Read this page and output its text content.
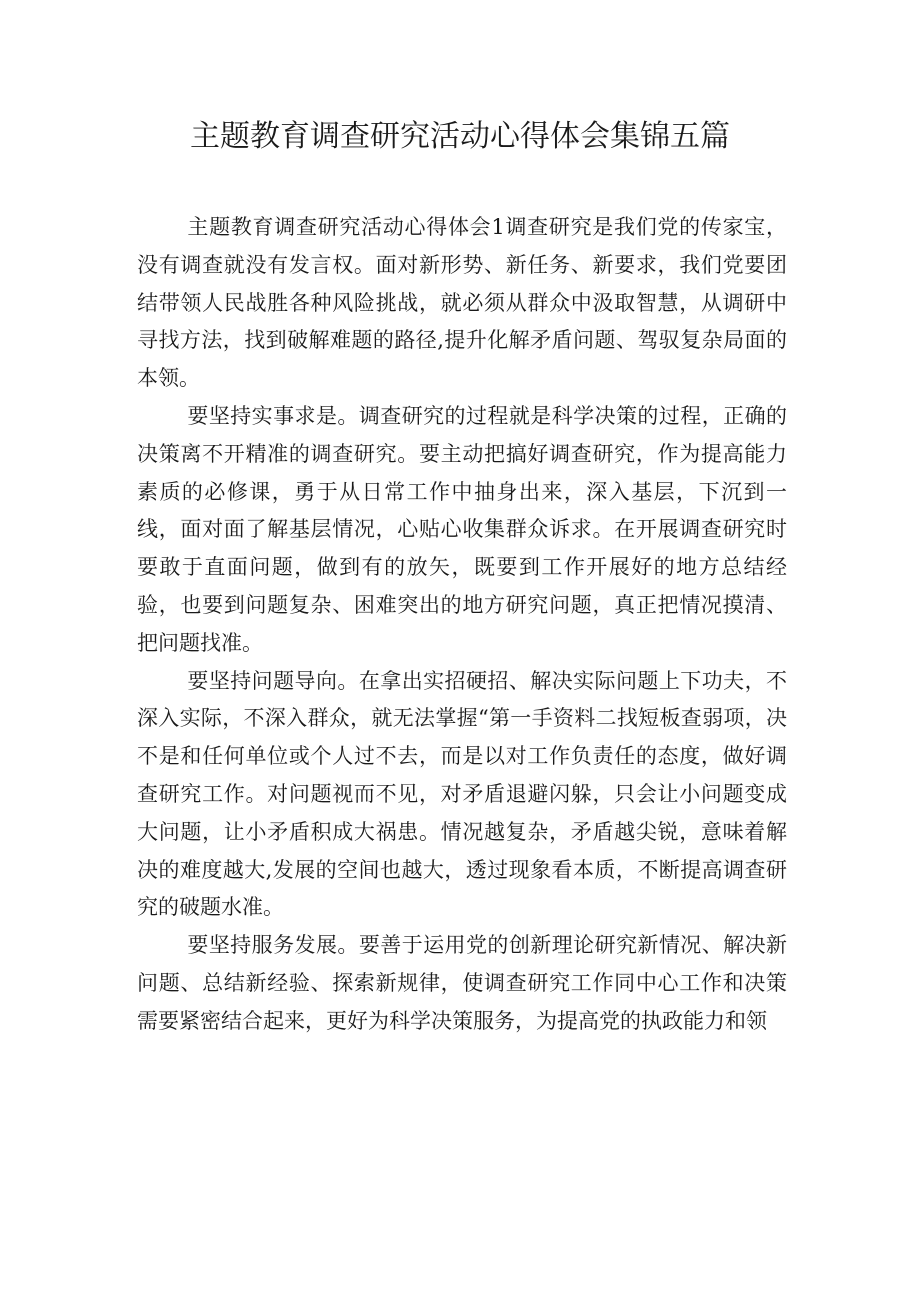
主题教育调查研究活动心得体会集锦五篇

主题教育调查研究活动心得体会1调查研究是我们党的传家宝，没有调查就没有发言权。面对新形势、新任务、新要求，我们党要团结带领人民战胜各种风险挑战，就必须从群众中汲取智慧，从调研中寻找方法，找到破解难题的路径,提升化解矛盾问题、驾驭复杂局面的本领。

要坚持实事求是。调查研究的过程就是科学决策的过程，正确的决策离不开精准的调查研究。要主动把搞好调查研究，作为提高能力素质的必修课，勇于从日常工作中抽身出来，深入基层，下沉到一线，面对面了解基层情况，心贴心收集群众诉求。在开展调查研究时要敢于直面问题，做到有的放矢，既要到工作开展好的地方总结经验，也要到问题复杂、困难突出的地方研究问题，真正把情况摸清、把问题找准。

要坚持问题导向。在拿出实招硬招、解决实际问题上下功夫，不深入实际，不深入群众，就无法掌握“第一手资料二找短板查弱项，决不是和任何单位或个人过不去，而是以对工作负责任的态度，做好调查研究工作。对问题视而不见，对矛盾退避闪躲，只会让小问题变成大问题，让小矛盾积成大祸患。情况越复杂，矛盾越尖锐，意味着解决的难度越大,发展的空间也越大，透过现象看本质，不断提高调查研究的破题水准。

要坚持服务发展。要善于运用党的创新理论研究新情况、解决新问题、总结新经验、探索新规律，使调查研究工作同中心工作和决策需要紧密结合起来，更好为科学决策服务，为提高党的执政能力和领
